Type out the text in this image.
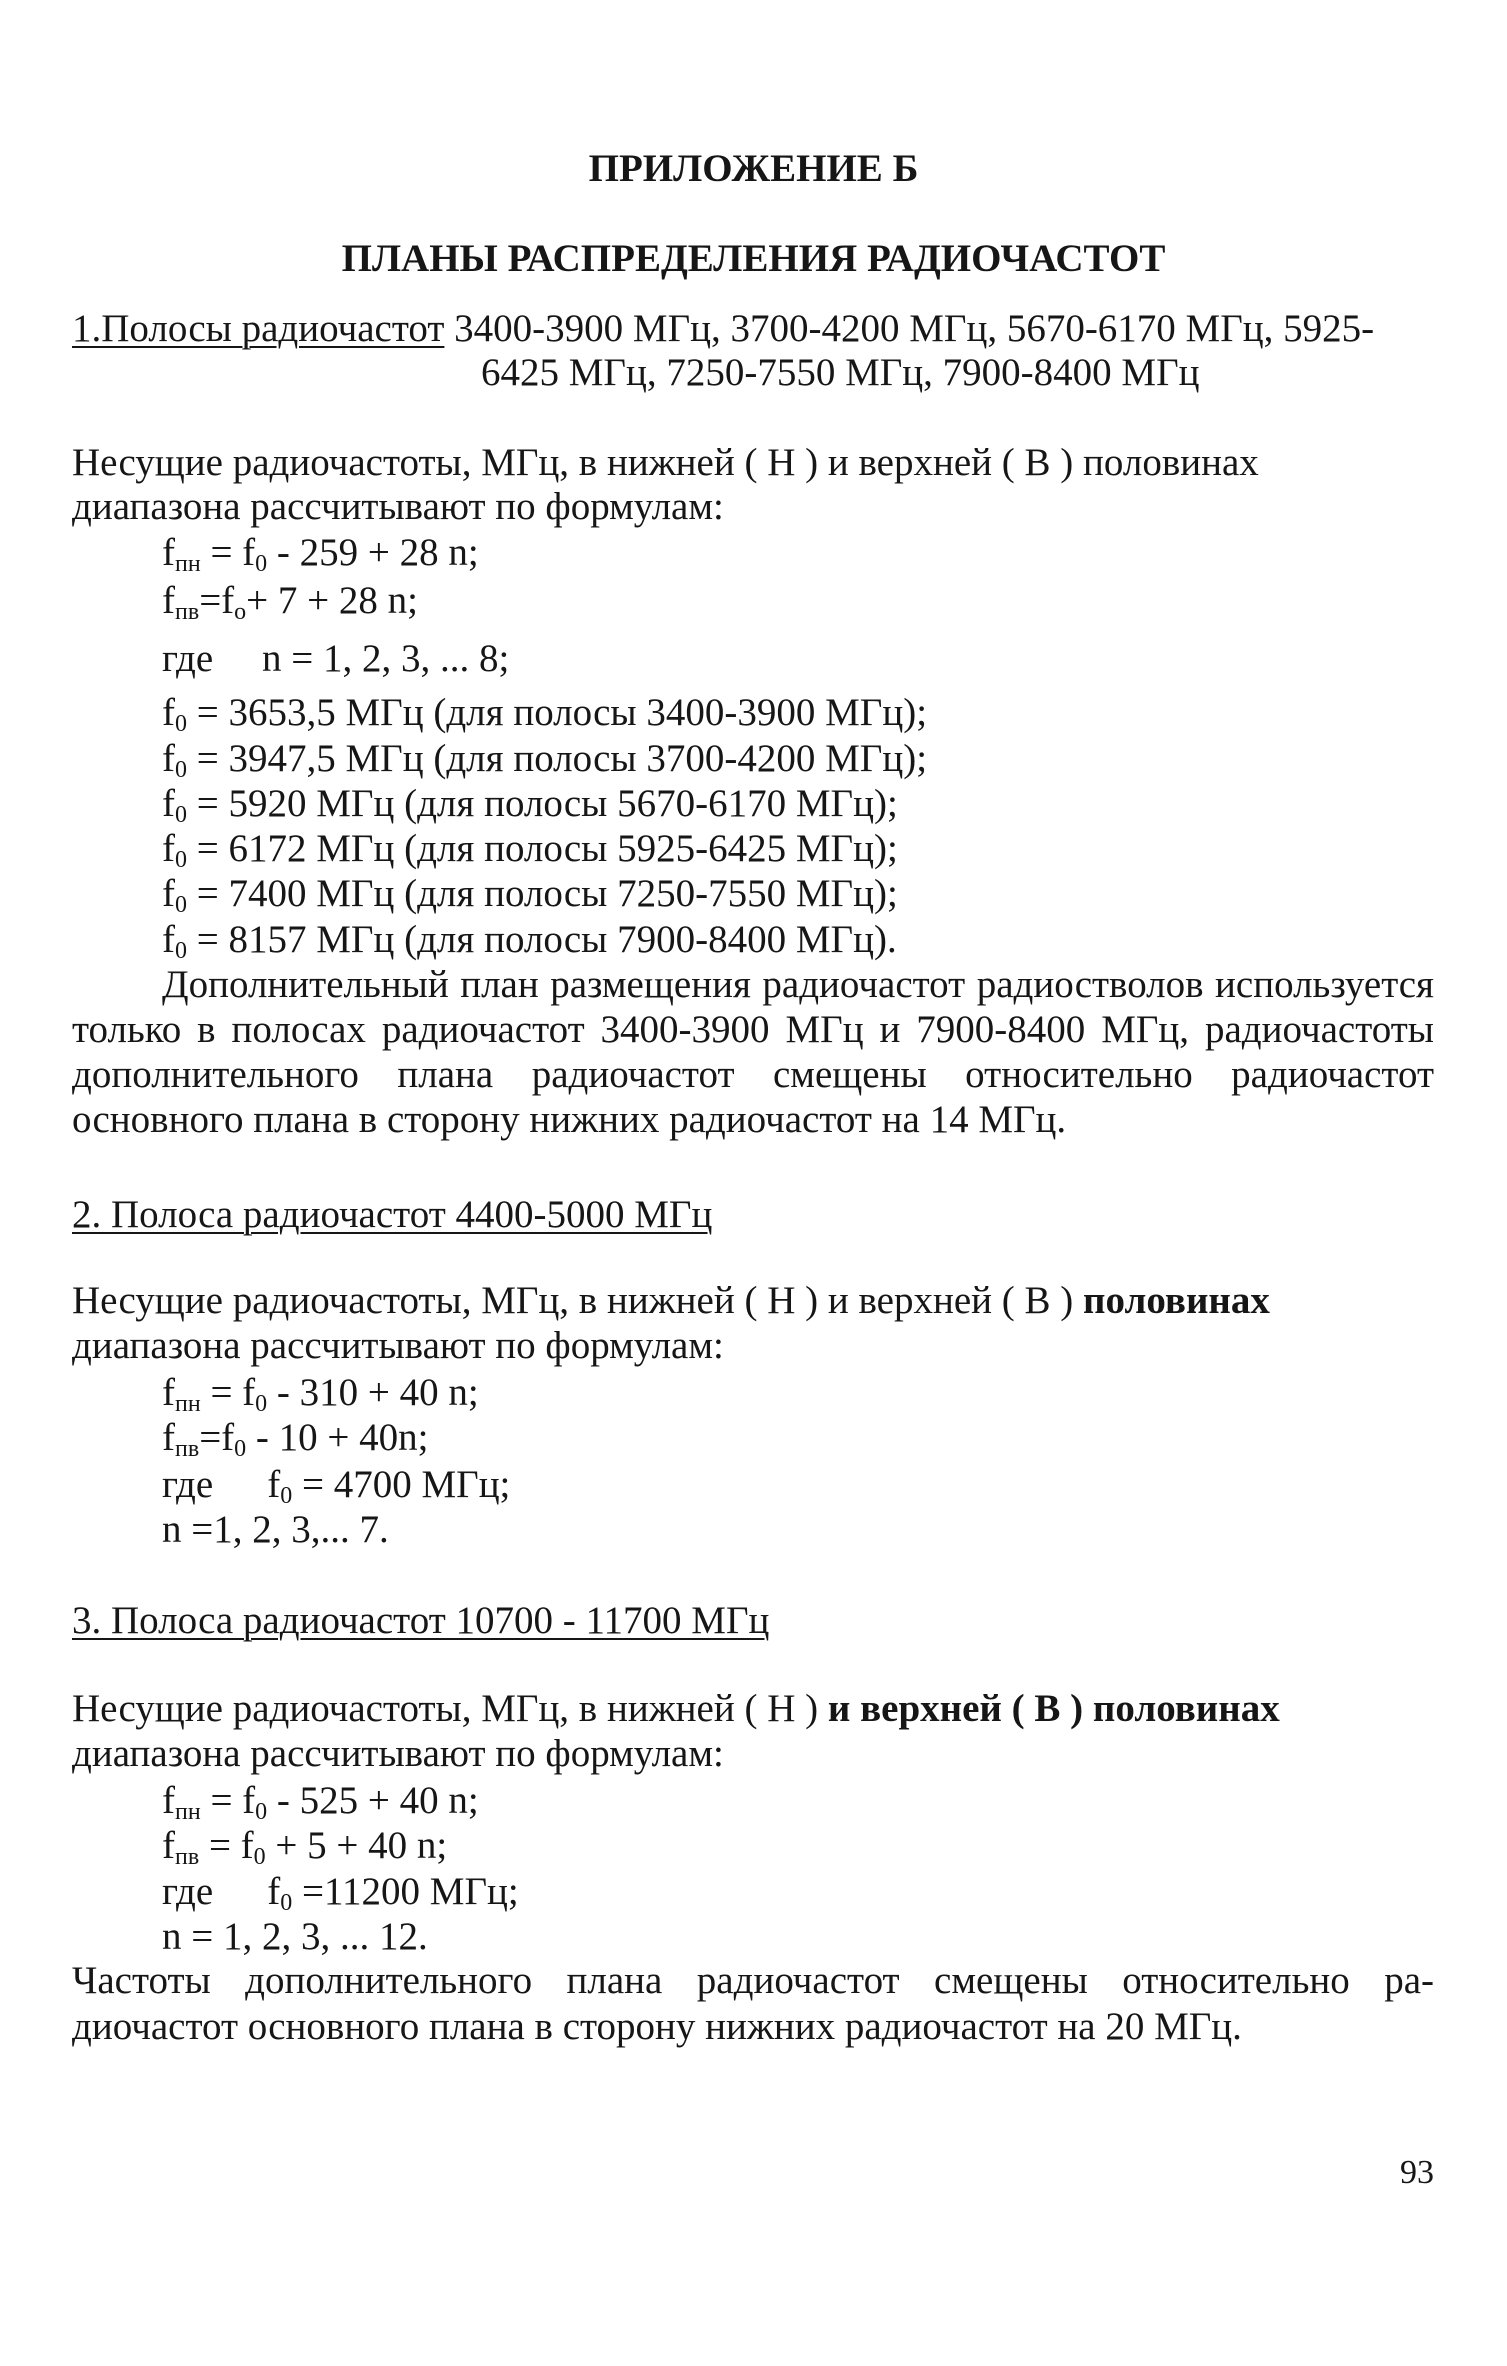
ПРИЛОЖЕНИЕ Б
ПЛАНЫ РАСПРЕДЕЛЕНИЯ РАДИОЧАСТОТ

1.Полосы радиочастот 3400-3900 МГц, 3700-4200 МГц, 5670-6170 МГц, 5925-

6425 МГц, 7250-7550 МГц, 7900-8400 МГц

Несущие радиочастоты, МГц, в нижней ( Н ) и верхней ( В ) половинах

диапазона рассчитывают по формулам:

$f_{пн} = f_0 - 259 + 28$ n;

$f_{пв}=f_o+ 7 + 28$ n;

где     n = 1, 2, 3, ... 8;

$f_0 = 3653,5$ МГц (для полосы 3400-3900 МГц);

$f_0 = 3947,5$ МГц (для полосы 3700-4200 МГц);

$f_0 = 5920$ МГц (для полосы 5670-6170 МГц);

$f_0 = 6172$ МГц (для полосы 5925-6425 МГц);

$f_0 = 7400$ МГц (для полосы 7250-7550 МГц);

$f_0 = 8157$ МГц (для полосы 7900-8400 МГц).

Дополнительный план размещения радиочастот радиостволов используется только в полосах радиочастот 3400-3900 МГц и 7900-8400 МГц, радиочастоты дополнительного плана радиочастот смещены относительно радиочастот основного плана в сторону нижних радиочастот на 14 МГц.

2. Полоса радиочастот 4400-5000 МГц

Несущие радиочастоты, МГц, в нижней ( Н ) и верхней ( В ) половинах

диапазона рассчитывают по формулам:

$f_{пн} = f_0 - 310 + 40$ n;

$f_{пв}=f_0 - 10 + 40n$;

где $f_0 = 4700$ МГц;

n =1, 2, 3,... 7.

3. Полоса радиочастот 10700 - 11700 МГц

Несущие радиочастоты, МГц, в нижней ( Н ) и верхней ( В ) половинах

диапазона рассчитывают по формулам:

$f_{пн} = f_0 - 525 + 40$ n;

$f_{пв} = f_0 + 5 + 40$ n;

где $f_0 =11200$ МГц;

n = 1, 2, 3, ... 12.

Частоты дополнительного плана радиочастот смещены относительно радиочастот основного плана в сторону нижних радиочастот на 20 МГц.

93
